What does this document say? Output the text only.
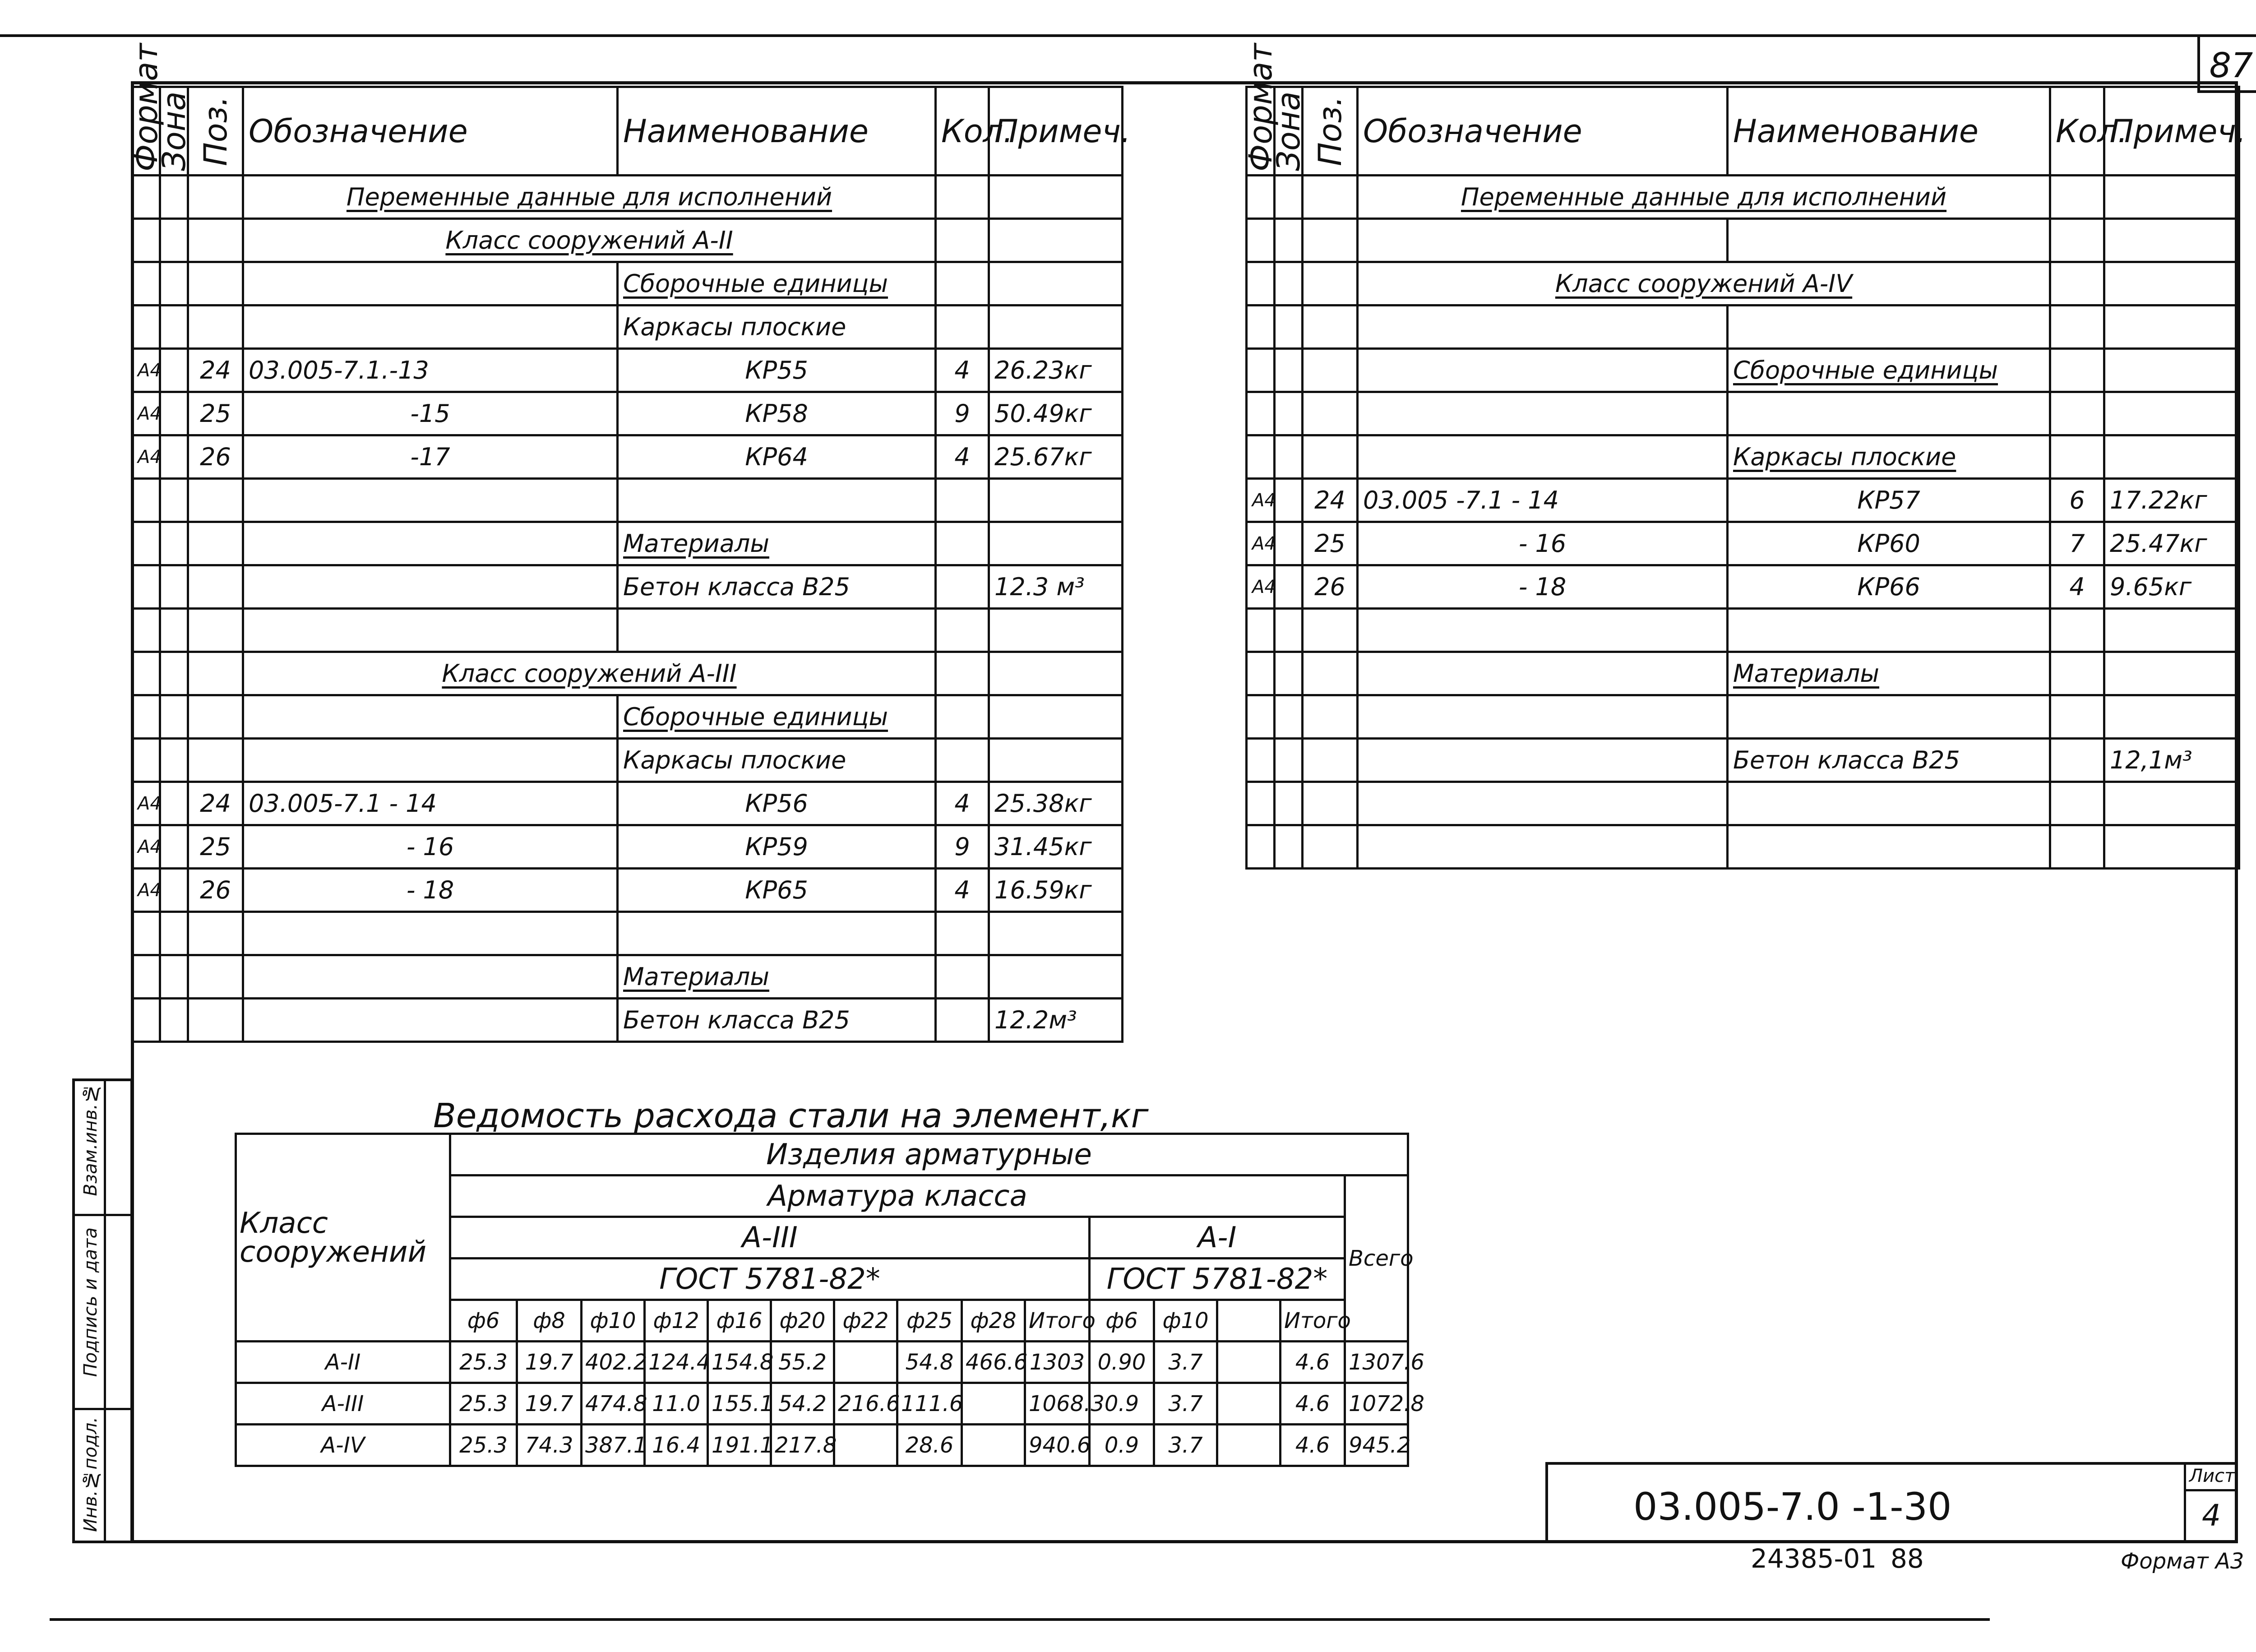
87
Формат	Зона	Поз.	Обозначение	Наименование	Кол.	Примеч.
			Переменные данные для исполнений			
			Класс сооружений А-II			
				Сборочные единицы		
				Каркасы плоские		
А4		24	03.005-7.1.-13	КР55	4	26.23кг
А4		25	-15	КР58	9	50.49кг
А4		26	-17	КР64	4	25.67кг

				Материалы		
				Бетон класса В25		12.3 м³

			Класс сооружений А-III			
				Сборочные единицы		
				Каркасы плоские		
А4		24	03.005-7.1 - 14	КР56	4	25.38кг
А4		25	- 16	КР59	9	31.45кг
А4		26	- 18	КР65	4	16.59кг

				Материалы		
				Бетон класса В25		12.2м³
Формат	Зона	Поз.	Обозначение	Наименование	Кол.	Примеч.
			Переменные данные для исполнений			

			Класс сооружений А-IV			

				Сборочные единицы		

				Каркасы плоские		
А4		24	03.005 -7.1 - 14	КР57	6	17.22кг
А4		25	- 16	КР60	7	25.47кг
А4		26	- 18	КР66	4	9.65кг

				Материалы		

				Бетон класса В25		12,1м³

Ведомость расхода стали на элемент,кг
Класс сооружений	Изделия арматурные														
	Арматура класса														Всего
	А-III										А-I				
	ГОСТ 5781-82*										ГОСТ 5781-82*				
	ф6	ф8	ф10	ф12	ф16	ф20	ф22	ф25	ф28	Итого	ф6	ф10		Итого	
А-II	25.3	19.7	402.2	124.4	154.8	55.2		54.8	466.6	1303	0.90	3.7		4.6	1307.6
А-III	25.3	19.7	474.8	11.0	155.1	54.2	216.6	111.6		1068.3	0.9	3.7		4.6	1072.8
А-IV	25.3	74.3	387.1	16.4	191.1	217.8		28.6		940.6	0.9	3.7		4.6	945.2
Инв.№подл.
Подпись и дата
Взам.инв.№
03.005-7.0 -1-30
Лист
4
24385-01 88	Формат А3
